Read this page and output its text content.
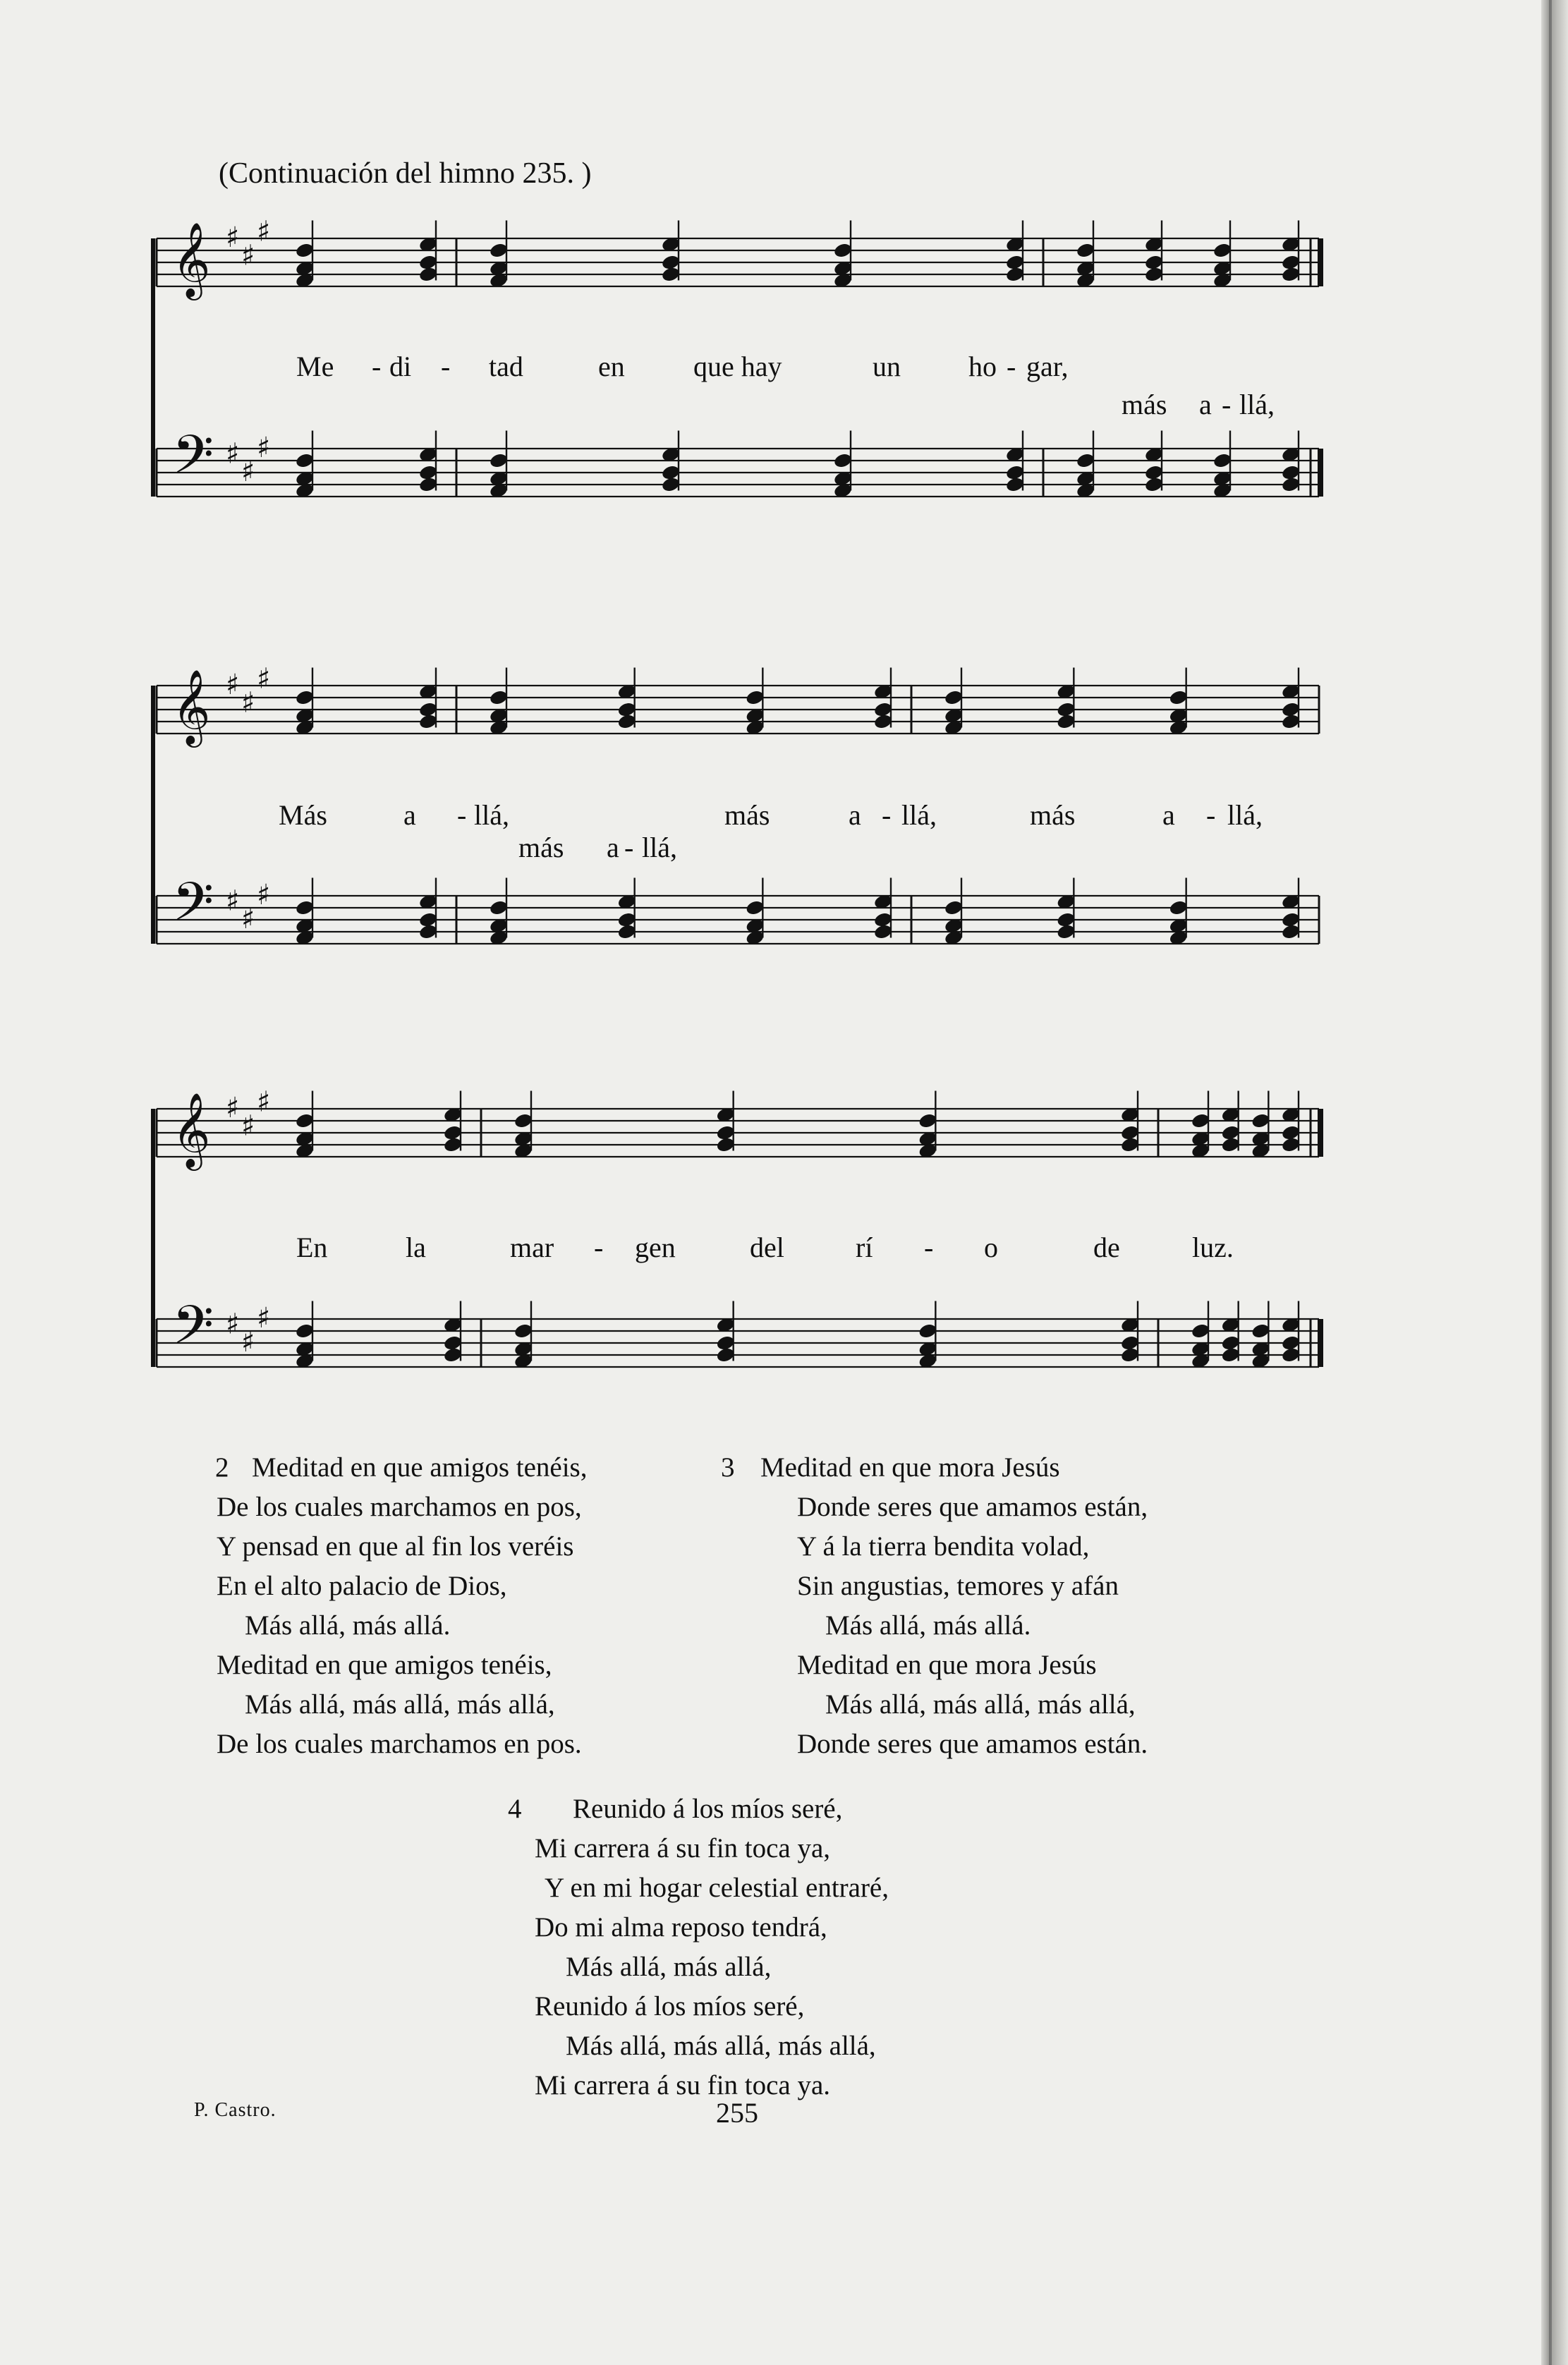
(Continuación del himno 235. )
𝄞 ♯
♯
♯
𝄢 ♯
♯
♯
Me - di - tad	en que hay	un ho - gar,
más a - llá,
𝄞 ♯
♯
♯
𝄢 ♯
♯
♯
Más	a - llá,	más	a - llá,	más	a - llá,
más a - llá,
𝄞 ♯
♯
♯
𝄢 ♯
♯
♯
En	la	mar - gen	del	rí - o	de	luz.
2 Meditad en que amigos tenéis,
De los cuales marchamos en pos,
Y pensad en que al fin los veréis
En el alto palacio de Dios,
Más allá, más allá.
Meditad en que amigos tenéis,
Más allá, más allá, más allá,
De los cuales marchamos en pos.
3 Meditad en que mora Jesús
Donde seres que amamos están,
Y á la tierra bendita volad,
Sin angustias, temores y afán
Más allá, más allá.
Meditad en que mora Jesús
Más allá, más allá, más allá,
Donde seres que amamos están.
4 Reunido á los míos seré,
Mi carrera á su fin toca ya,
Y en mi hogar celestial entraré,
Do mi alma reposo tendrá,
Más allá, más allá,
Reunido á los míos seré,
Más allá, más allá, más allá,
Mi carrera á su fin toca ya.
P. Castro.	255
